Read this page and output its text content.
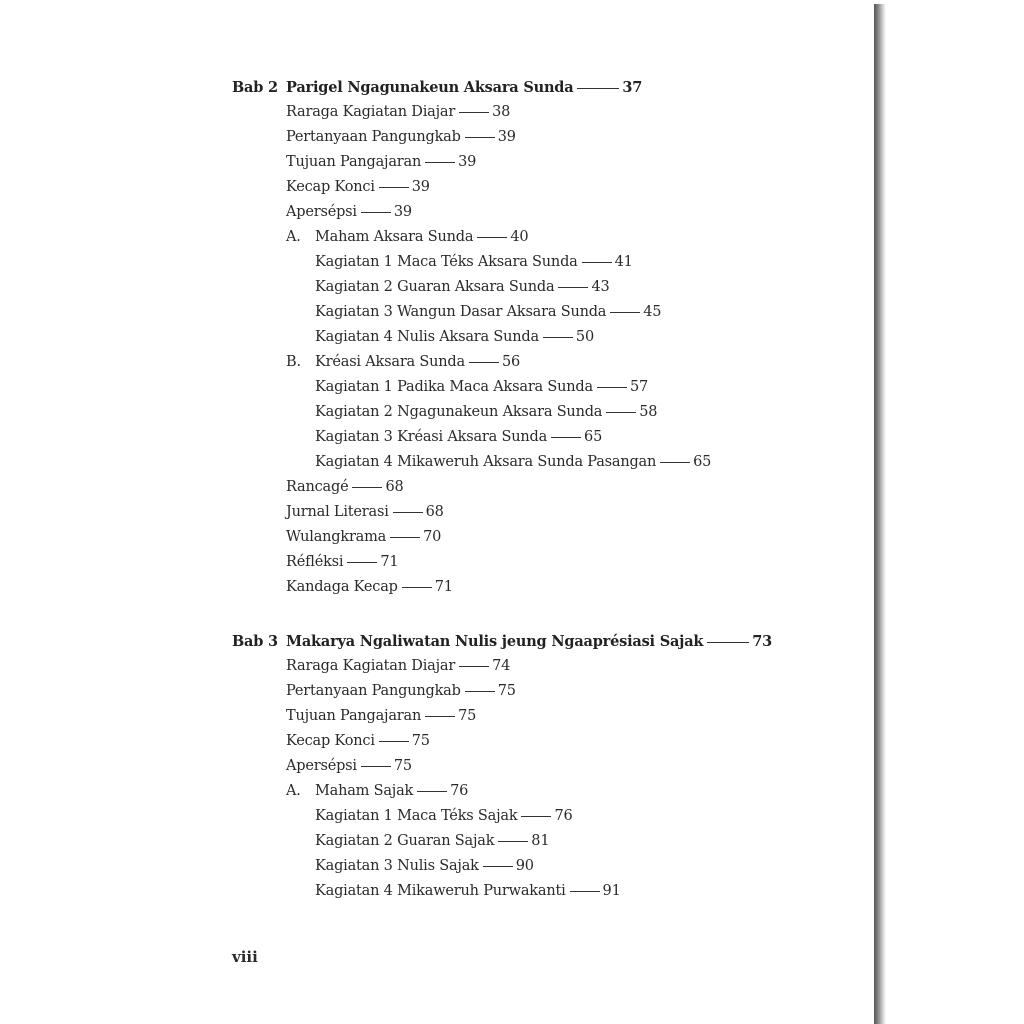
Bab 2 Parigel Ngagunakeun Aksara Sunda	37
Raraga Kagiatan Diajar	38
Pertanyaan Pangungkab	39
Tujuan Pangajaran	39
Kecap Konci	39
Apersépsi	39
A. Maham Aksara Sunda	40
Kagiatan 1 Maca Téks Aksara Sunda	41
Kagiatan 2 Guaran Aksara Sunda	43
Kagiatan 3 Wangun Dasar Aksara Sunda	45
Kagiatan 4 Nulis Aksara Sunda	50
B. Kréasi Aksara Sunda	56
Kagiatan 1 Padika Maca Aksara Sunda	57
Kagiatan 2 Ngagunakeun Aksara Sunda	58
Kagiatan 3 Kréasi Aksara Sunda	65
Kagiatan 4 Mikaweruh Aksara Sunda Pasangan	65
Rancagé	68
Jurnal Literasi	68
Wulangkrama	70
Réfléksi	71
Kandaga Kecap	71
Bab 3 Makarya Ngaliwatan Nulis jeung Ngaaprésiasi Sajak	73
Raraga Kagiatan Diajar	74
Pertanyaan Pangungkab	75
Tujuan Pangajaran	75
Kecap Konci	75
Apersépsi	75
A. Maham Sajak	76
Kagiatan 1 Maca Téks Sajak	76
Kagiatan 2 Guaran Sajak	81
Kagiatan 3 Nulis Sajak	90
Kagiatan 4 Mikaweruh Purwakanti	91
viii
